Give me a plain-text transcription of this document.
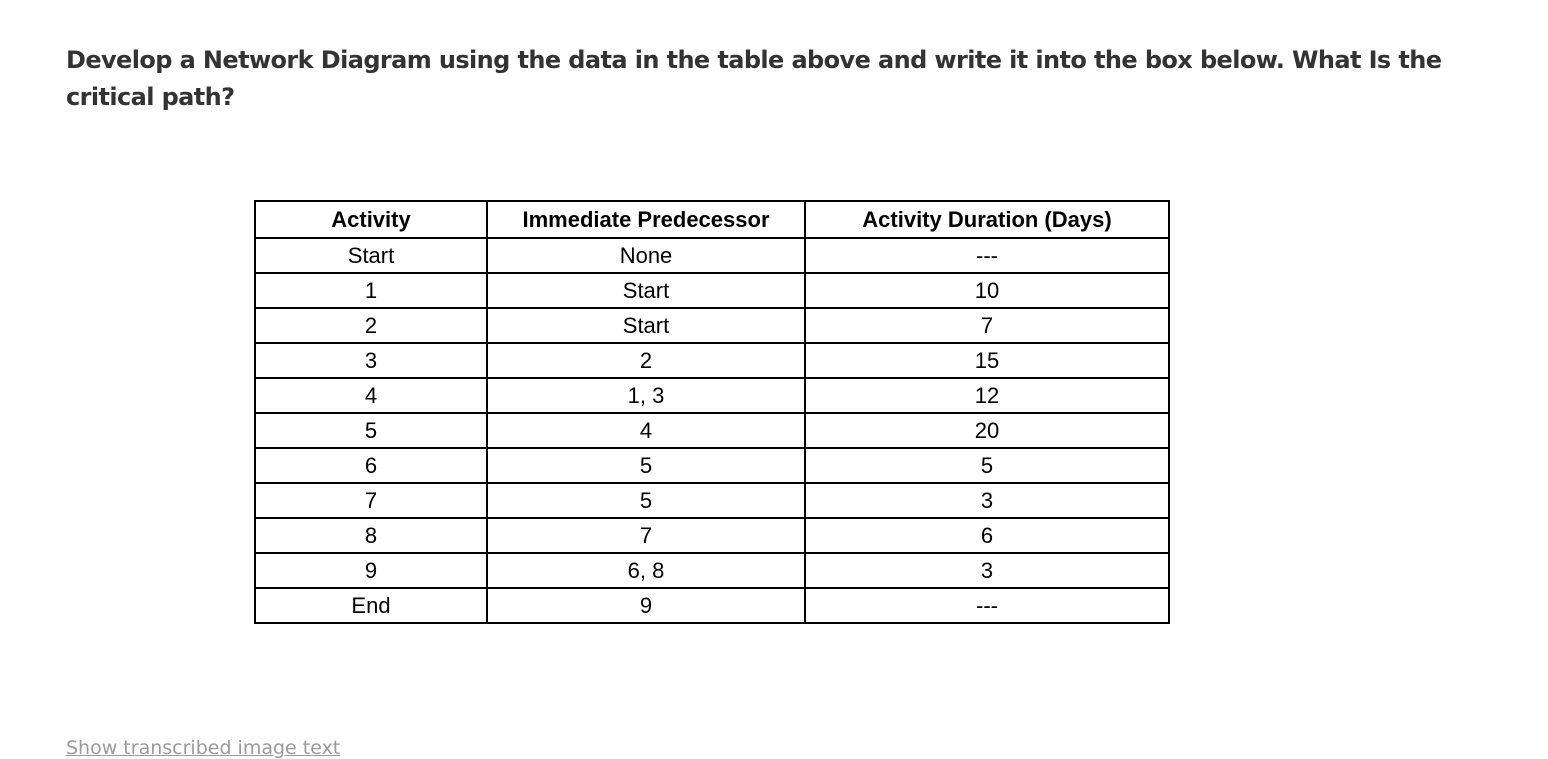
Develop a Network Diagram using the data in the table above and write it into the box below. What Is the critical path?

Activity	Immediate Predecessor	Activity Duration (Days)
Start	None	---
1	Start	10
2	Start	7
3	2	15
4	1, 3	12
5	4	20
6	5	5
7	5	3
8	7	6
9	6, 8	3
End	9	---
Show transcribed image text
